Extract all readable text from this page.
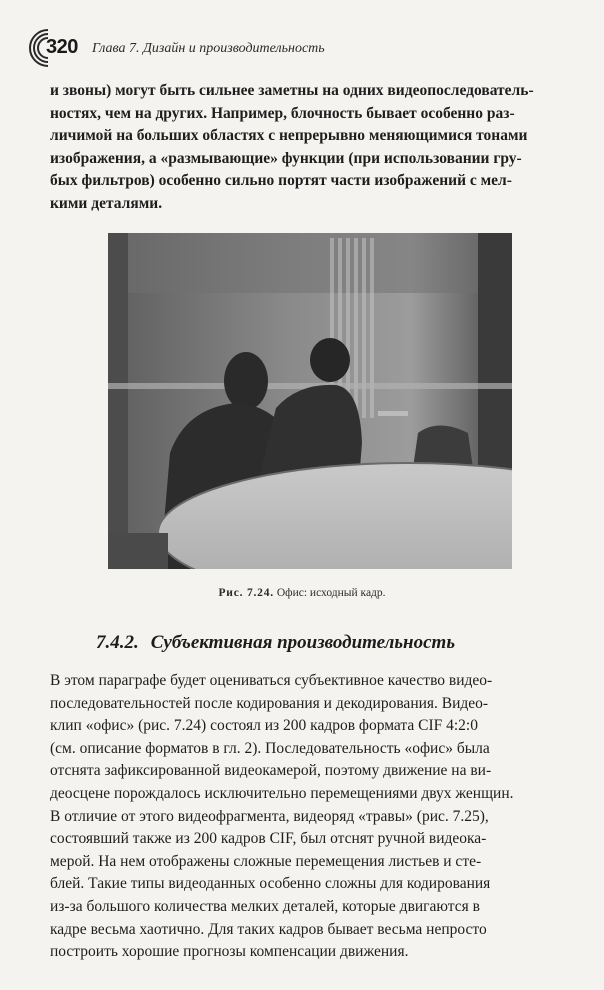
320 Глава 7. Дизайн и производительность
и звоны) могут быть сильнее заметны на одних видеопоследователь-
ностях, чем на других. Например, блочность бывает особенно раз-
личимой на больших областях с непрерывно меняющимися тонами
изображения, а «размывающие» функции (при использовании гру-
бых фильтров) особенно сильно портят части изображений с мел-
кими деталями.
Рис. 7.24. Офис: исходный кадр.
7.4.2. Субъективная производительность
В этом параграфе будет оцениваться субъективное качество видео-
последовательностей после кодирования и декодирования. Видео-
клип «офис» (рис. 7.24) состоял из 200 кадров формата CIF 4:2:0
(см. описание форматов в гл. 2). Последовательность «офис» была
отснята зафиксированной видеокамерой, поэтому движение на ви-
деосцене порождалось исключительно перемещениями двух женщин.
В отличие от этого видеофрагмента, видеоряд «травы» (рис. 7.25),
состоявший также из 200 кадров CIF, был отснят ручной видеока-
мерой. На нем отображены сложные перемещения листьев и сте-
блей. Такие типы видеоданных особенно сложны для кодирования
из-за большого количества мелких деталей, которые двигаются в
кадре весьма хаотично. Для таких кадров бывает весьма непросто
построить хорошие прогнозы компенсации движения.
